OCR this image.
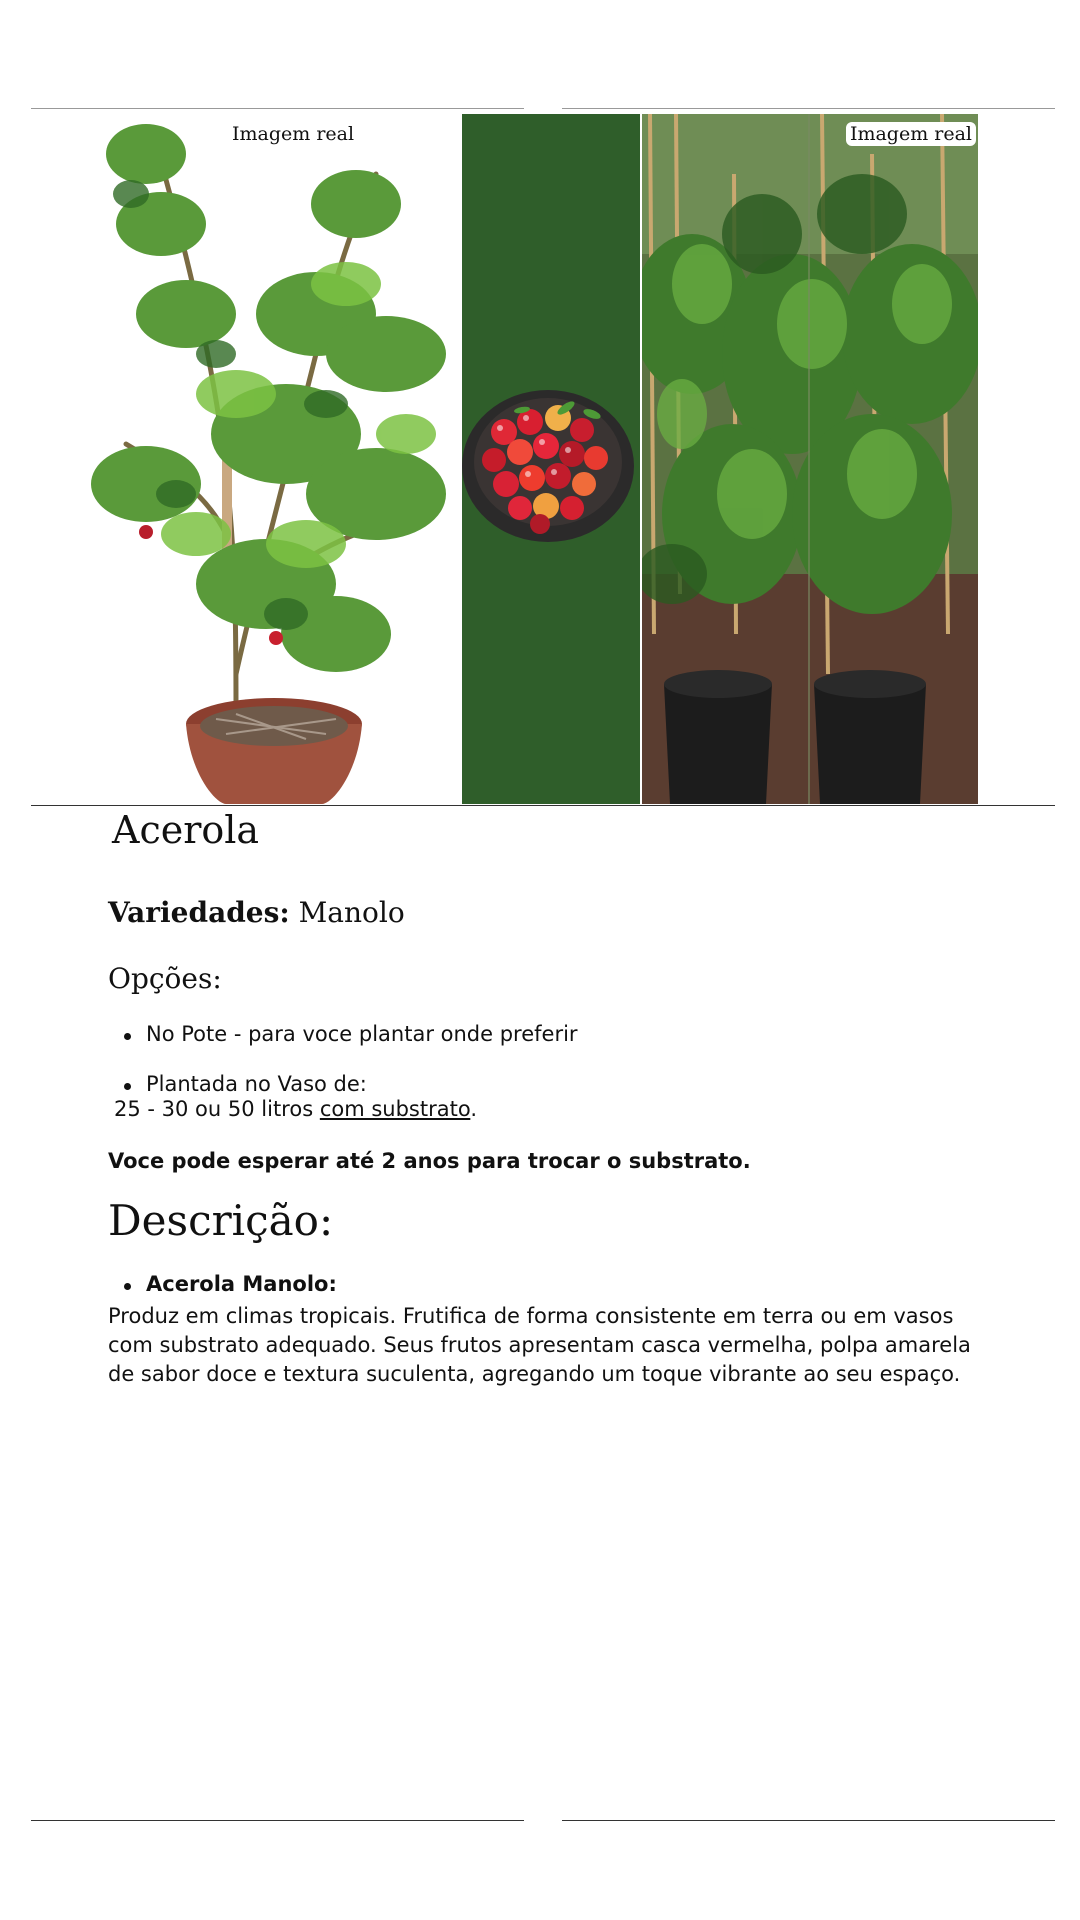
Imagem real	Imagem real
Acerola
Variedades: Manolo
Opções:
No Pote - para voce plantar onde preferir
Plantada no Vaso de:
25 - 30 ou 50 litros com substrato.
Voce pode esperar até 2 anos para trocar o substrato.
Descrição:
Acerola Manolo:
Produz em climas tropicais. Frutifica de forma consistente em terra ou em vasos com substrato adequado. Seus frutos apresentam casca vermelha, polpa amarela de sabor doce e textura suculenta, agregando um toque vibrante ao seu espaço.
